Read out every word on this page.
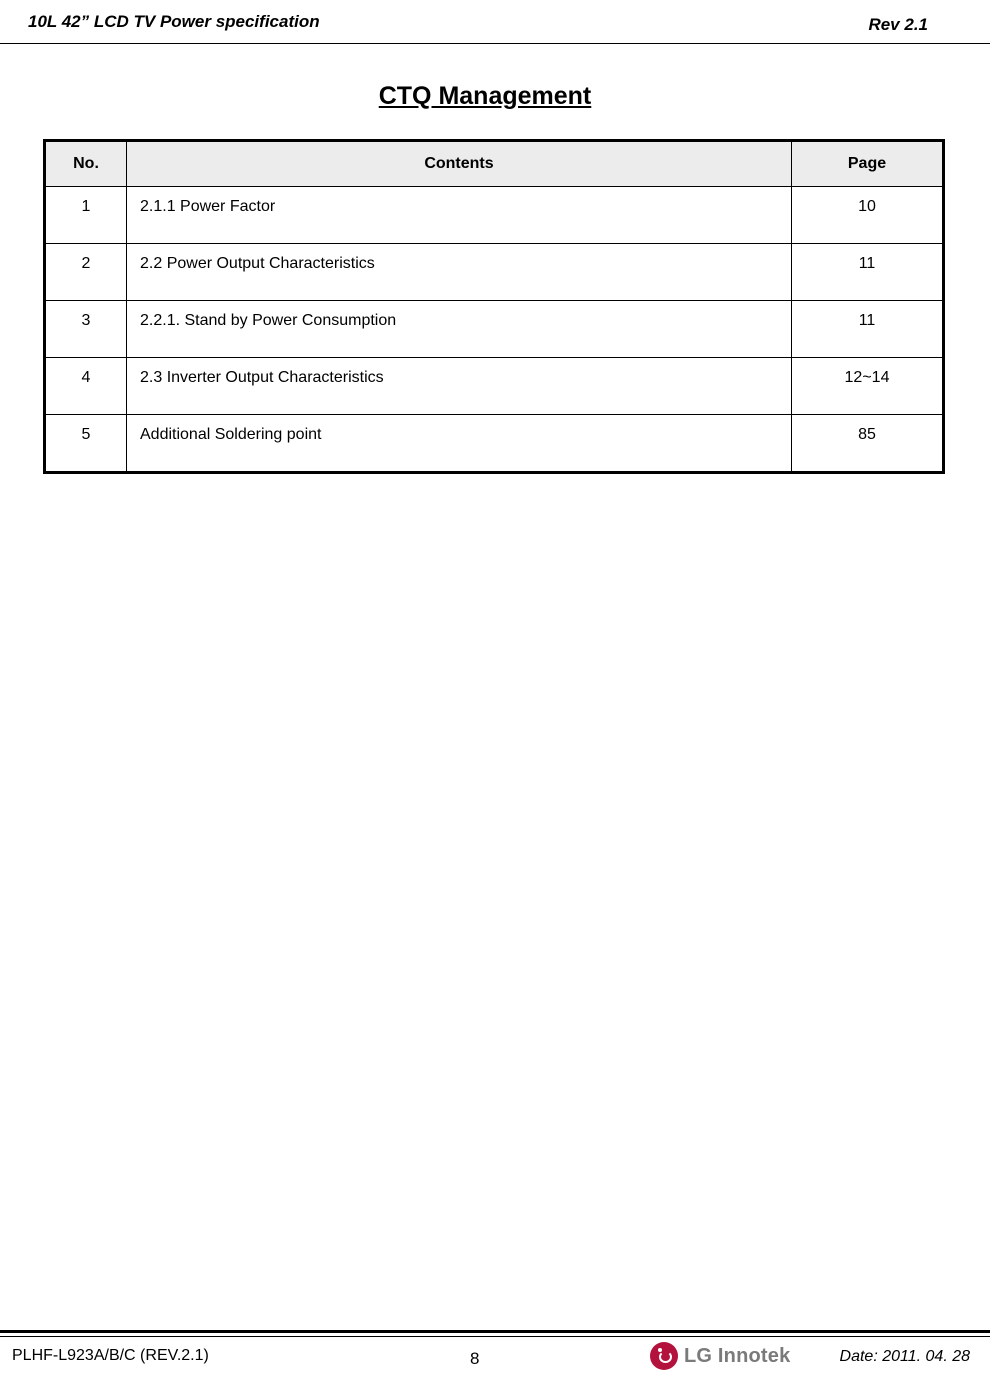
10L 42” LCD TV Power specification	Rev 2.1
CTQ Management
No.	Contents	Page
1	2.1.1 Power Factor	10
2	2.2 Power Output Characteristics	11
3	2.2.1. Stand by Power Consumption	11
4	2.3 Inverter Output Characteristics	12~14
5	Additional Soldering point	85
PLHF-L923A/B/C (REV.2.1)	8	LG Innotek	Date: 2011. 04. 28
